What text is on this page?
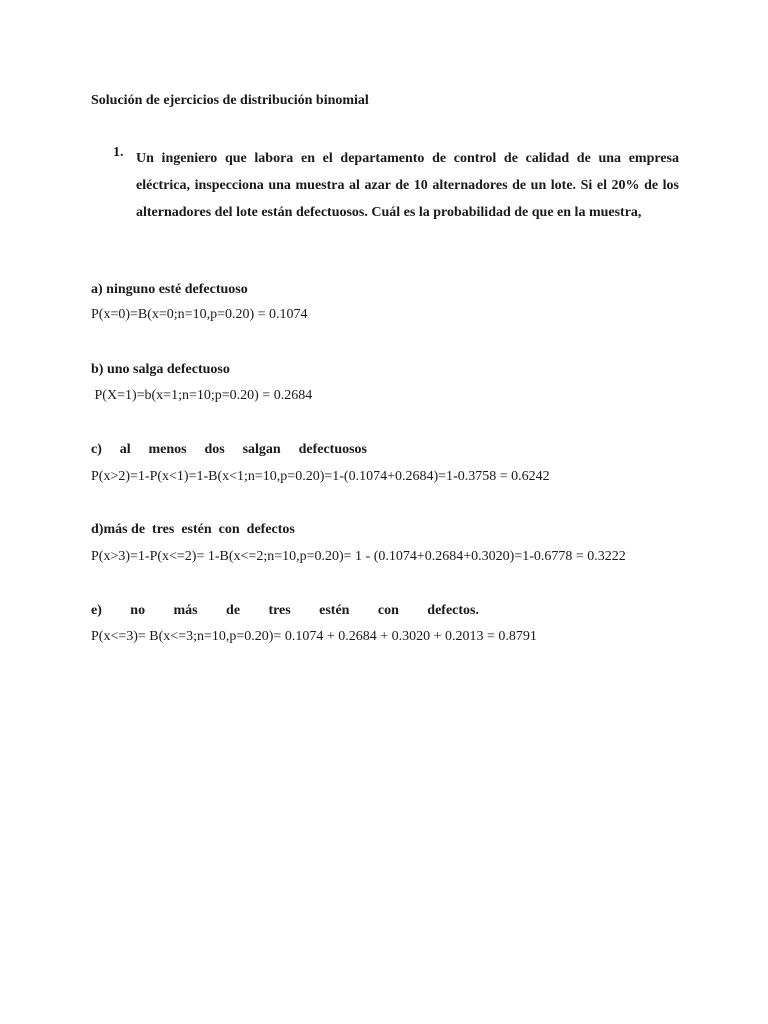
Solución de ejercicios de distribución binomial
1. Un ingeniero que labora en el departamento de control de calidad de una empresa eléctrica, inspecciona una muestra al azar de 10 alternadores de un lote. Si el 20% de los alternadores del lote están defectuosos. Cuál es la probabilidad de que en la muestra,
a) ninguno esté defectuoso
P(x=0)=B(x=0;n=10,p=0.20) = 0.1074
b) uno salga defectuoso
P(X=1)=b(x=1;n=10;p=0.20) = 0.2684
c) al menos dos salgan defectuosos
P(x>2)=1-P(x<1)=1-B(x<1;n=10,p=0.20)=1-(0.1074+0.2684)=1-0.3758 = 0.6242
d)más de  tres  estén  con  defectos
P(x>3)=1-P(x<=2)= 1-B(x<=2;n=10,p=0.20)= 1 - (0.1074+0.2684+0.3020)=1-0.6778 = 0.3222
e) no más de tres estén con defectos.
P(x<=3)= B(x<=3;n=10,p=0.20)= 0.1074 + 0.2684 + 0.3020 + 0.2013 = 0.8791
